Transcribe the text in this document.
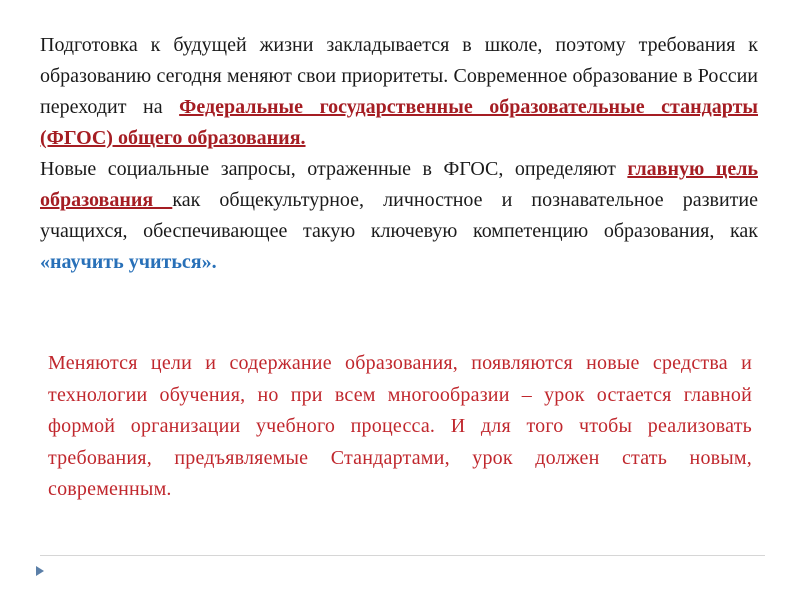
Подготовка к будущей жизни закладывается в школе, поэтому требования к образованию сегодня меняют свои приоритеты. Современное образование в России переходит на Федеральные государственные образовательные стандарты (ФГОС) общего образования.

Новые социальные запросы, отраженные в ФГОС, определяют главную цель образования как общекультурное, личностное и познавательное развитие учащихся, обеспечивающее такую ключевую компетенцию образования, как «научить учиться».

Меняются цели и содержание образования, появляются новые средства и технологии обучения, но при всем многообразии – урок остается главной формой организации учебного процесса. И для того чтобы реализовать требования, предъявляемые Стандартами, урок должен стать новым, современным.
